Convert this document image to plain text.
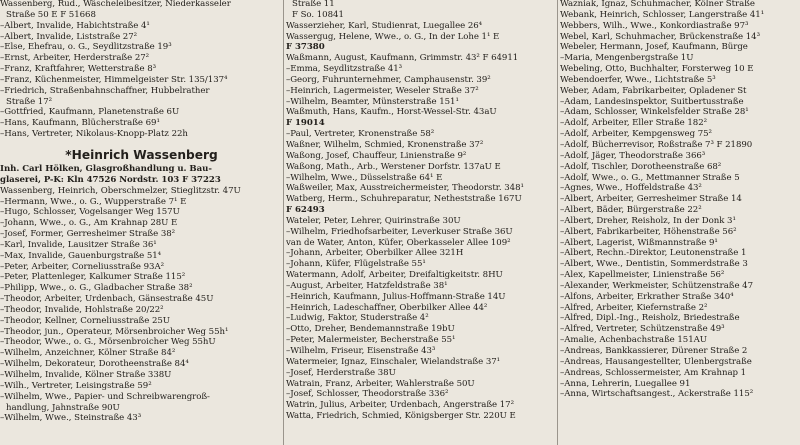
Wassenberg, Rud., Wäscheleibesitzer, Niederkasseler
Straße 50 E F 51668
–Albert, Invalide, Habichtstraße 4¹
–Albert, Invalide, Liststraße 27²
–Else, Ehefrau, o. G., Seydlitzstraße 19³
–Ernst, Arbeiter, Herderstraße 27²
–Franz, Kraftfahrer, Wetterstraße 8³
–Franz, Küchenmeister, Himmelgeister Str. 135/137⁴
–Friedrich, Straßenbahnschaffner, Hubbelrather
Straße 17²
–Gottfried, Kaufmann, Planetenstraße 6U
–Hans, Kaufmann, Blücherstraße 69¹
–Hans, Vertreter, Nikolaus-Knopp-Platz 22h
*Heinrich Wassenberg
Inh. Carl Hölken, Glasgroßhandlung u. Bau-
glaserei, P-K: Kln 47526 Nordstr. 103 F 37223
Wassenberg, Heinrich, Oberschmelzer, Stieglitzstr. 47U
–Hermann, Wwe., o. G., Wupperstraße 7¹ E
–Hugo, Schlosser, Vogelsanger Weg 157U
–Johann, Wwe., o. G., Am Krahnap 28U E
–Josef, Former, Gerresheimer Straße 38²
–Karl, Invalide, Lausitzer Straße 36¹
–Max, Invalide, Gauenburgstraße 51⁴
–Peter, Arbeiter, Corneliusstraße 93A²
–Peter, Plattenleger, Kalkumer Straße 115²
–Philipp, Wwe., o. G., Gladbacher Straße 38²
–Theodor, Arbeiter, Urdenbach, Gänsestraße 45U
–Theodor, Invalide, Hohlstraße 20/22²
–Theodor, Kellner, Corneliusstraße 25U
–Theodor, jun., Operateur, Mörsenbroicher Weg 55h¹
–Theodor, Wwe., o. G., Mörsenbroicher Weg 55hU
–Wilhelm, Anzeichner, Kölner Straße 84²
–Wilhelm, Dekorateur, Dorotheenstraße 84⁴
–Wilhelm, Invalide, Kölner Straße 338U
–Wilh., Vertreter, Leisingstraße 59²
–Wilhelm, Wwe., Papier- und Schreibwarengroß-
handlung, Jahnstraße 90U
–Wilhelm, Wwe., Steinstraße 43³
Straße 11
F So. 10841
Wasserzieher, Karl, Studienrat, Luegallee 26⁴
Wassergug, Helene, Wwe., o. G., In der Lohe 1¹ E
F 37380
Waßmann, August, Kaufmann, Grimmstr. 43² F 64911
–Emma, Seydlitzstraße 41³
–Georg, Fuhrunternehmer, Camphausenstr. 39²
–Heinrich, Lagermeister, Weseler Straße 37²
–Wilhelm, Beamter, Münsterstraße 151¹
Waßmuth, Hans, Kaufm., Horst-Wessel-Str. 43aU
F 19014
–Paul, Vertreter, Kronenstraße 58²
Waßner, Wilhelm, Schmied, Kronenstraße 37²
Waßong, Josef, Chauffeur, Linienstraße 9²
Waßong, Math., Arb., Werstener Dorfstr. 137aU E
–Wilhelm, Wwe., Düsselstraße 64¹ E
Waßweiler, Max, Ausstreichermeister, Theodorstr. 348¹
Watberg, Herm., Schuhreparatur, Netheststraße 167U
F 62493
Wateler, Peter, Lehrer, Quirinstraße 30U
–Wilhelm, Friedhofsarbeiter, Leverkuser Straße 36U
van de Water, Anton, Küfer, Oberkasseler Allee 109²
–Johann, Arbeiter, Oberbilker Allee 321H
–Johann, Küfer, Flügelstraße 55¹
Watermann, Adolf, Arbeiter, Dreifaltigkeitstr. 8HU
–August, Arbeiter, Hatzfeldstraße 38¹
–Heinrich, Kaufmann, Julius-Hoffmann-Straße 14U
–Heinrich, Ladeschaffner, Oberbilker Allee 44²
–Ludwig, Faktor, Studerstraße 4²
–Otto, Dreher, Bendemannstraße 19bU
–Peter, Malermeister, Becherstraße 55¹
–Wilhelm, Friseur, Eisenstraße 43³
Watermeier, Ignaz, Einschaler, Wielandstraße 37¹
–Josef, Herderstraße 38U
Watrain, Franz, Arbeiter, Wahlerstraße 50U
–Josef, Schlosser, Theodorstraße 336²
Watrin, Julius, Arbeiter, Urdenbach, Angerstraße 17²
Watta, Friedrich, Schmied, Königsberger Str. 220U E
Wazniak, Ignaz, Schuhmacher, Kölner Straße
Webank, Heinrich, Schlosser, Langerstraße 41¹
Webbers, Wilh., Wwe., Konkordiastraße 97³
Webel, Karl, Schuhmacher, Brückenstraße 14³
Webeler, Hermann, Josef, Kaufmann, Bürge
–Maria, Mengenbergstraße 1U
Webeling, Otto, Buchhalter, Forsterweg 10 E
Webendoerfer, Wwe., Lichtstraße 5³
Weber, Adam, Fabrikarbeiter, Opladener St
–Adam, Landesinspektor, Suitbertusstraße
–Adam, Schlosser, Winkelsfelder Straße 28¹
–Adolf, Arbeiter, Eller Straße 182²
–Adolf, Arbeiter, Kempgensweg 75²
–Adolf, Bücherrevisor, Roßstraße 7³ F 21890
–Adolf, Jäger, Theodorstraße 366³
–Adolf, Tischler, Dorotheenstraße 68²
–Adolf, Wwe., o. G., Mettmanner Straße 5
–Agnes, Wwe., Hoffeldstraße 43²
–Albert, Arbeiter, Gerresheimer Straße 14
–Albert, Bäder, Bürgerstraße 22²
–Albert, Dreher, Reisholz, In der Donk 3¹
–Albert, Fabrikarbeiter, Höhenstraße 56²
–Albert, Lagerist, Wißmannstraße 9¹
–Albert, Rechn.-Direktor, Leutonenstraße 1
–Albert, Wwe., Dentistin, Sommerdstraße 3
–Alex, Kapellmeister, Linienstraße 56²
–Alexander, Werkmeister, Schützenstraße 47
–Alfons, Arbeiter, Erkrather Straße 340⁴
–Alfred, Arbeiter, Kiefernstraße 2²
–Alfred, Dipl.-Ing., Reisholz, Briedestraße
–Alfred, Vertreter, Schützenstraße 49³
–Amalie, Achenbachstraße 151AU
–Andreas, Bankkassierer, Dürener Straße 2
–Andreas, Hausangestellter, Ulenbergstraße
–Andreas, Schlossermeister, Am Krahnap 1
–Anna, Lehrerin, Luegallee 91
–Anna, Wirtschaftsangest., Ackerstraße 115²
